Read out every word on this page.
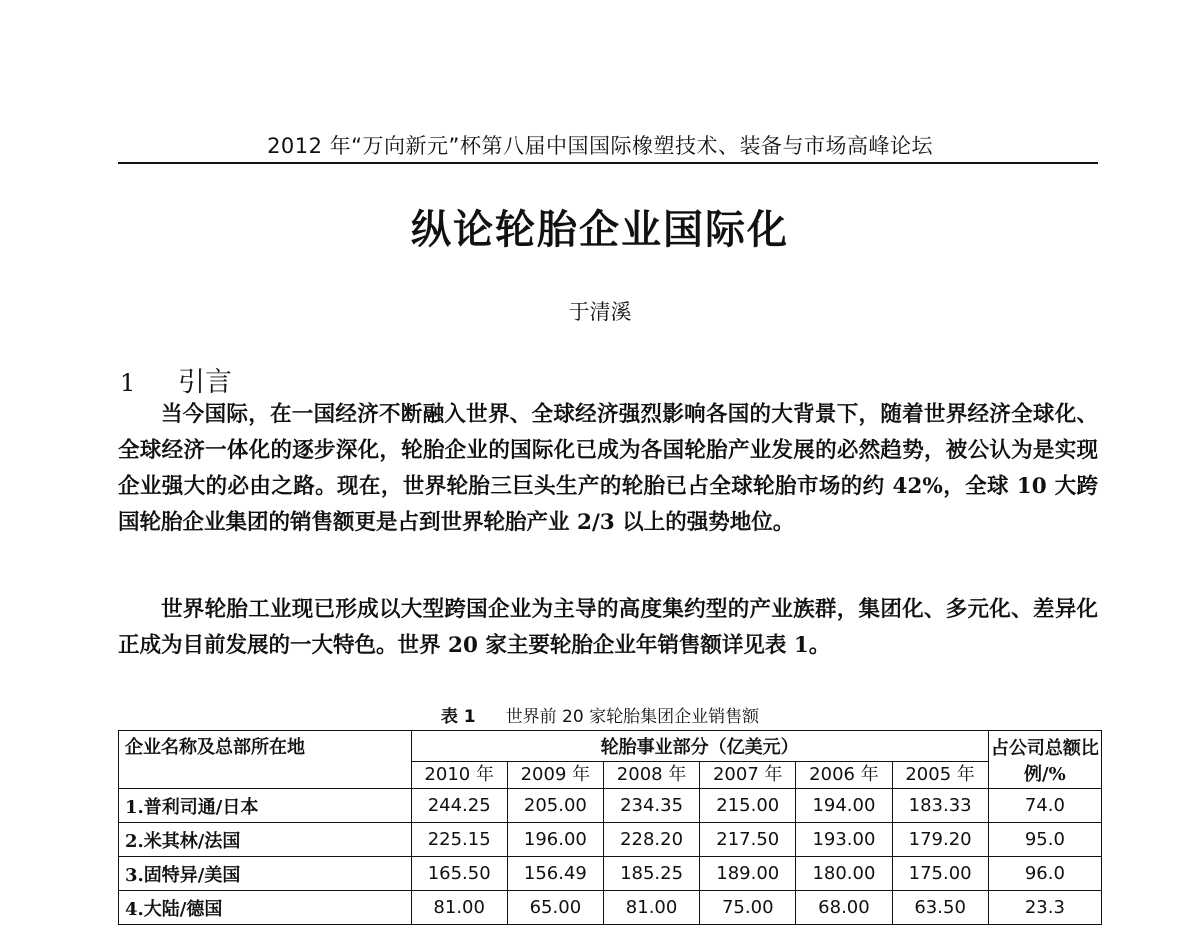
2012 年“万向新元”杯第八届中国国际橡塑技术、装备与市场高峰论坛
纵论轮胎企业国际化
于清溪
1	引言
当今国际，在一国经济不断融入世界、全球经济强烈影响各国的大背景下，随着世界经济全球化、全球经济一体化的逐步深化，轮胎企业的国际化已成为各国轮胎产业发展的必然趋势，被公认为是实现企业强大的必由之路。现在，世界轮胎三巨头生产的轮胎已占全球轮胎市场的约 42%，全球 10 大跨国轮胎企业集团的销售额更是占到世界轮胎产业 2/3 以上的强势地位。
世界轮胎工业现已形成以大型跨国企业为主导的高度集约型的产业族群，集团化、多元化、差异化正成为目前发展的一大特色。世界 20 家主要轮胎企业年销售额详见表 1。
表 1 世界前 20 家轮胎集团企业销售额
企业名称及总部所在地	轮胎事业部分（亿美元）						占公司总额比例/%
	2010 年	2009 年	2008 年	2007 年	2006 年	2005 年	
1.普利司通/日本	244.25	205.00	234.35	215.00	194.00	183.33	74.0
2.米其林/法国	225.15	196.00	228.20	217.50	193.00	179.20	95.0
3.固特异/美国	165.50	156.49	185.25	189.00	180.00	175.00	96.0
4.大陆/德国	81.00	65.00	81.00	75.00	68.00	63.50	23.3
